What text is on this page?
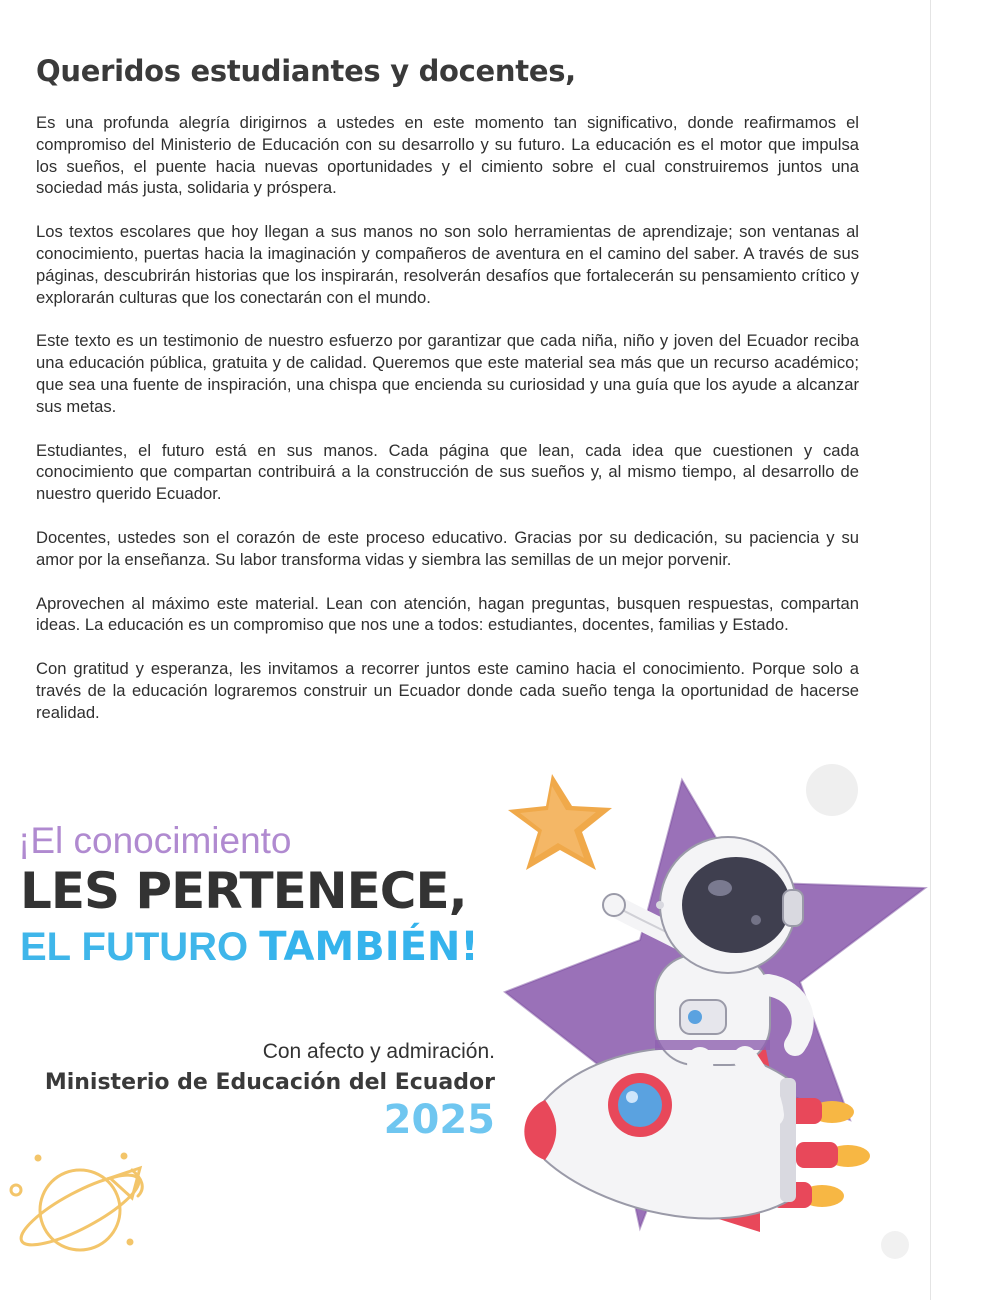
Queridos estudiantes y docentes,

Es una profunda alegría dirigirnos a ustedes en este momento tan significativo, donde reafirmamos el compromiso del Ministerio de Educación con su desarrollo y su futuro. La educación es el motor que impulsa los sueños, el puente hacia nuevas oportunidades y el cimiento sobre el cual construiremos juntos una sociedad más justa, solidaria y próspera.

Los textos escolares que hoy llegan a sus manos no son solo herramientas de aprendizaje; son ventanas al conocimiento, puertas hacia la imaginación y compañeros de aventura en el camino del saber. A través de sus páginas, descubrirán historias que los inspirarán, resolverán desafíos que fortalecerán su pensamiento crítico y explorarán culturas que los conectarán con el mundo.

Este texto es un testimonio de nuestro esfuerzo por garantizar que cada niña, niño y joven del Ecuador reciba una educación pública, gratuita y de calidad. Queremos que este material sea más que un recurso académico; que sea una fuente de inspiración, una chispa que encienda su curiosidad y una guía que los ayude a alcanzar sus metas.

Estudiantes, el futuro está en sus manos. Cada página que lean, cada idea que cuestionen y cada conocimiento que compartan contribuirá a la construcción de sus sueños y, al mismo tiempo, al desarrollo de nuestro querido Ecuador.

Docentes, ustedes son el corazón de este proceso educativo. Gracias por su dedicación, su paciencia y su amor por la enseñanza. Su labor transforma vidas y siembra las semillas de un mejor porvenir.

Aprovechen al máximo este material. Lean con atención, hagan preguntas, busquen respuestas, compartan ideas. La educación es un compromiso que nos une a todos: estudiantes, docentes, familias y Estado.

Con gratitud y esperanza, les invitamos a recorrer juntos este camino hacia el conocimiento. Porque solo a través de la educación lograremos construir un Ecuador donde cada sueño tenga la oportunidad de hacerse realidad.

¡El conocimiento
LES PERTENECE,
EL FUTURO TAMBIÉN!

Con afecto y admiración.

Ministerio de Educación del Ecuador

2025
